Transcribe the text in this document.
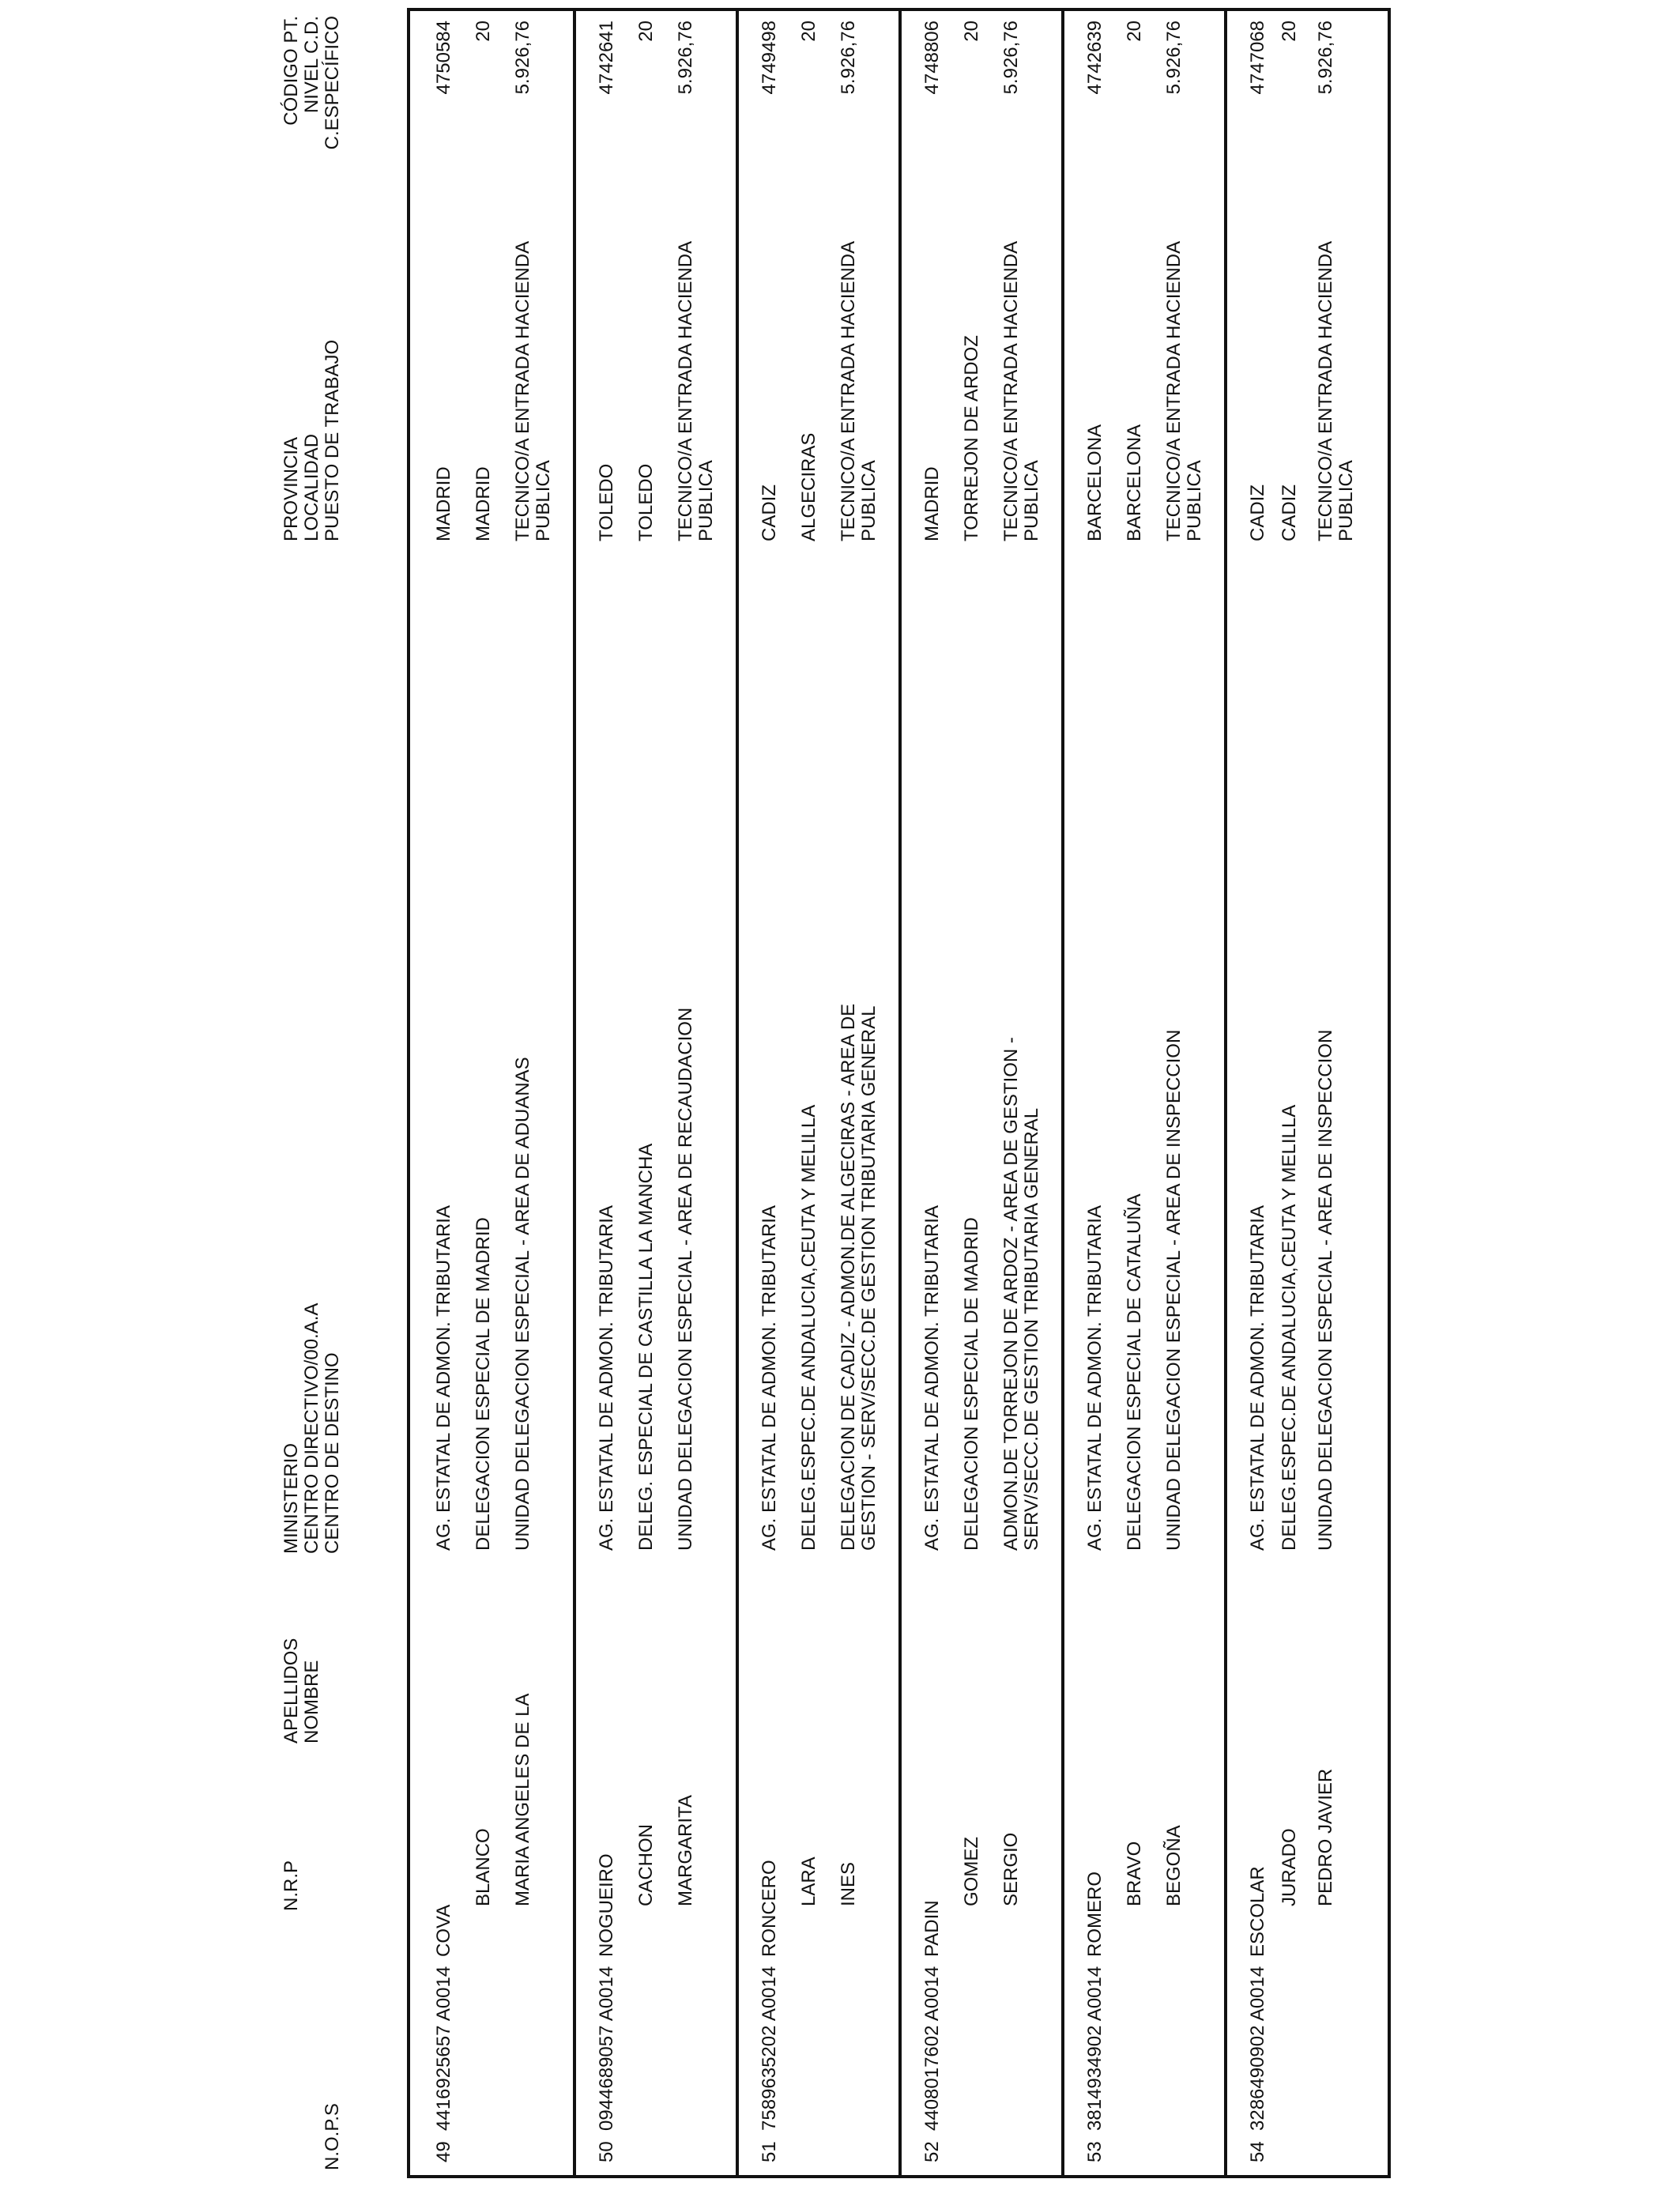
N.O.P.S
N.R.P
APELLIDOS NOMBRE
MINISTERIO CENTRO DIRECTIVO/00.A.A CENTRO DE DESTINO
PROVINCIA LOCALIDAD PUESTO DE TRABAJO
CÓDIGO PT. NIVEL C.D. C.ESPECÍFICO
49
4416925657 A0014
COVA
BLANCO MARIA ANGELES DE LA
AG. ESTATAL DE ADMON. TRIBUTARIA DELEGACION ESPECIAL DE MADRID UNIDAD DELEGACION ESPECIAL - AREA DE ADUANAS
MADRID MADRID TECNICO/A ENTRADA HACIENDA PUBLICA
4750584 20 5.926,76
50
0944689057 A0014
NOGUEIRO CACHON MARGARITA
AG. ESTATAL DE ADMON. TRIBUTARIA DELEG. ESPECIAL DE CASTILLA LA MANCHA UNIDAD DELEGACION ESPECIAL - AREA DE RECAUDACION
TOLEDO TOLEDO TECNICO/A ENTRADA HACIENDA PUBLICA
4742641 20 5.926,76
51
7589635202 A0014
RONCERO LARA INES
AG. ESTATAL DE ADMON. TRIBUTARIA DELEG.ESPEC.DE ANDALUCIA,CEUTA Y MELILLA DELEGACION DE CADIZ - ADMON.DE ALGECIRAS - AREA DE GESTION - SERV/SECC.DE GESTION TRIBUTARIA GENERAL
CADIZ ALGECIRAS TECNICO/A ENTRADA HACIENDA PUBLICA
4749498 20 5.926,76
52
4408017602 A0014
PADIN
GOMEZ SERGIO
AG. ESTATAL DE ADMON. TRIBUTARIA DELEGACION ESPECIAL DE MADRID ADMON.DE TORREJON DE ARDOZ - AREA DE GESTION - SERV/SECC.DE GESTION TRIBUTARIA GENERAL
MADRID TORREJON DE ARDOZ TECNICO/A ENTRADA HACIENDA PUBLICA
4748806 20 5.926,76
53
3814934902 A0014
ROMERO BRAVO BEGOÑA
AG. ESTATAL DE ADMON. TRIBUTARIA DELEGACION ESPECIAL DE CATALUÑA UNIDAD DELEGACION ESPECIAL - AREA DE INSPECCION
BARCELONA BARCELONA TECNICO/A ENTRADA HACIENDA PUBLICA
4742639 20 5.926,76
54
3286490902 A0014
ESCOLAR JURADO PEDRO JAVIER
AG. ESTATAL DE ADMON. TRIBUTARIA DELEG.ESPEC.DE ANDALUCIA,CEUTA Y MELILLA UNIDAD DELEGACION ESPECIAL - AREA DE INSPECCION
CADIZ CADIZ TECNICO/A ENTRADA HACIENDA PUBLICA
4747068 20 5.926,76
